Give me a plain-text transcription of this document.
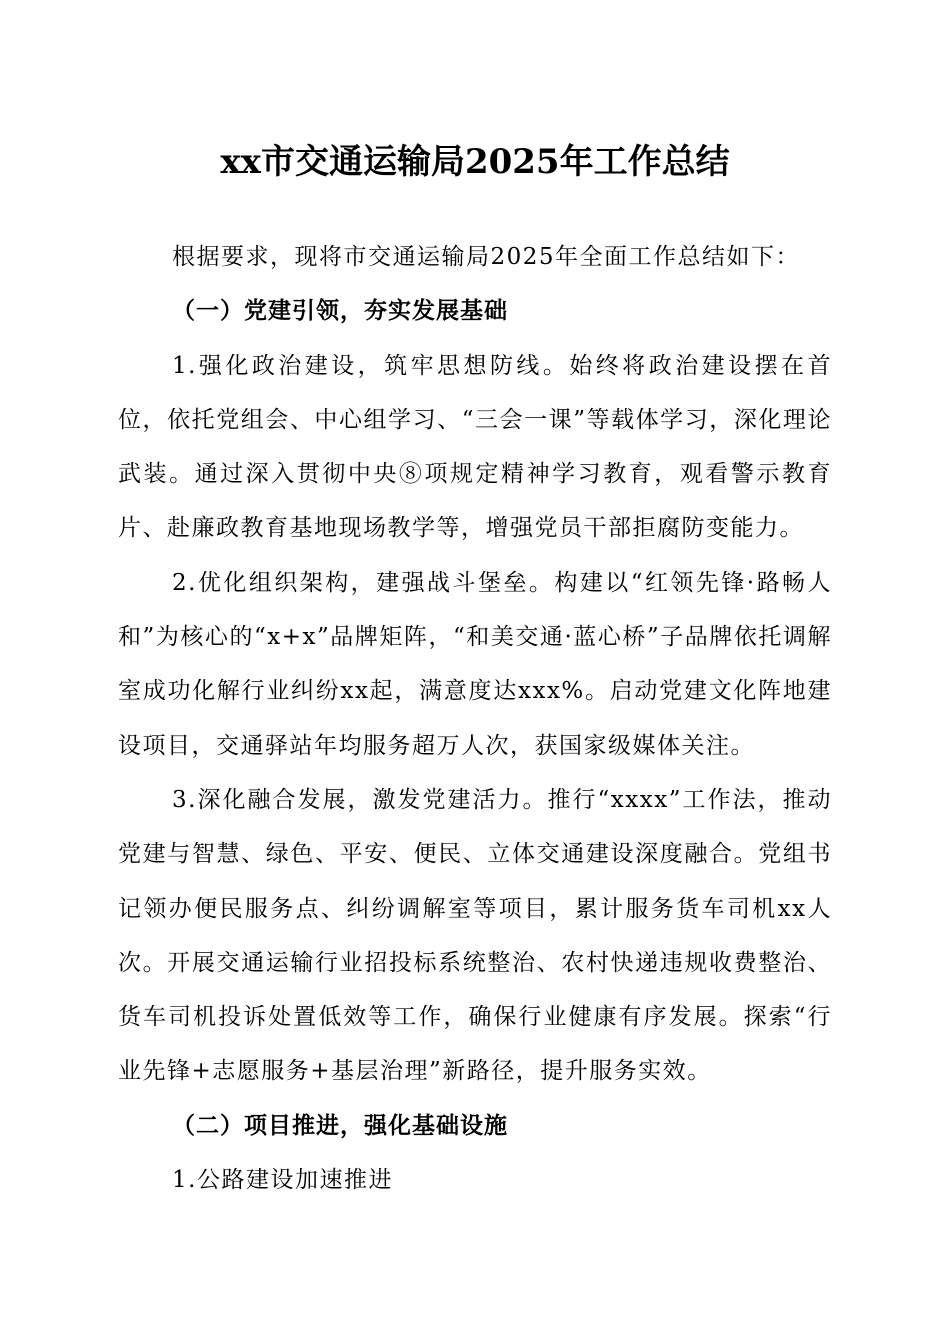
xx市交通运输局2025年工作总结

根据要求，现将市交通运输局2025年全面工作总结如下：

（一）党建引领，夯实发展基础

1.强化政治建设，筑牢思想防线。始终将政治建设摆在首位，依托党组会、中心组学习、“三会一课”等载体学习，深化理论武装。通过深入贯彻中央⑧项规定精神学习教育，观看警示教育片、赴廉政教育基地现场教学等，增强党员干部拒腐防变能力。

2.优化组织架构，建强战斗堡垒。构建以“红领先锋·路畅人和”为核心的“x+x”品牌矩阵，“和美交通·蓝心桥”子品牌依托调解室成功化解行业纠纷xx起，满意度达xxx%。启动党建文化阵地建设项目，交通驿站年均服务超万人次，获国家级媒体关注。

3.深化融合发展，激发党建活力。推行“xxxx”工作法，推动党建与智慧、绿色、平安、便民、立体交通建设深度融合。党组书记领办便民服务点、纠纷调解室等项目，累计服务货车司机xx人次。开展交通运输行业招投标系统整治、农村快递违规收费整治、货车司机投诉处置低效等工作，确保行业健康有序发展。探索“行业先锋+志愿服务+基层治理”新路径，提升服务实效。

（二）项目推进，强化基础设施

1.公路建设加速推进
